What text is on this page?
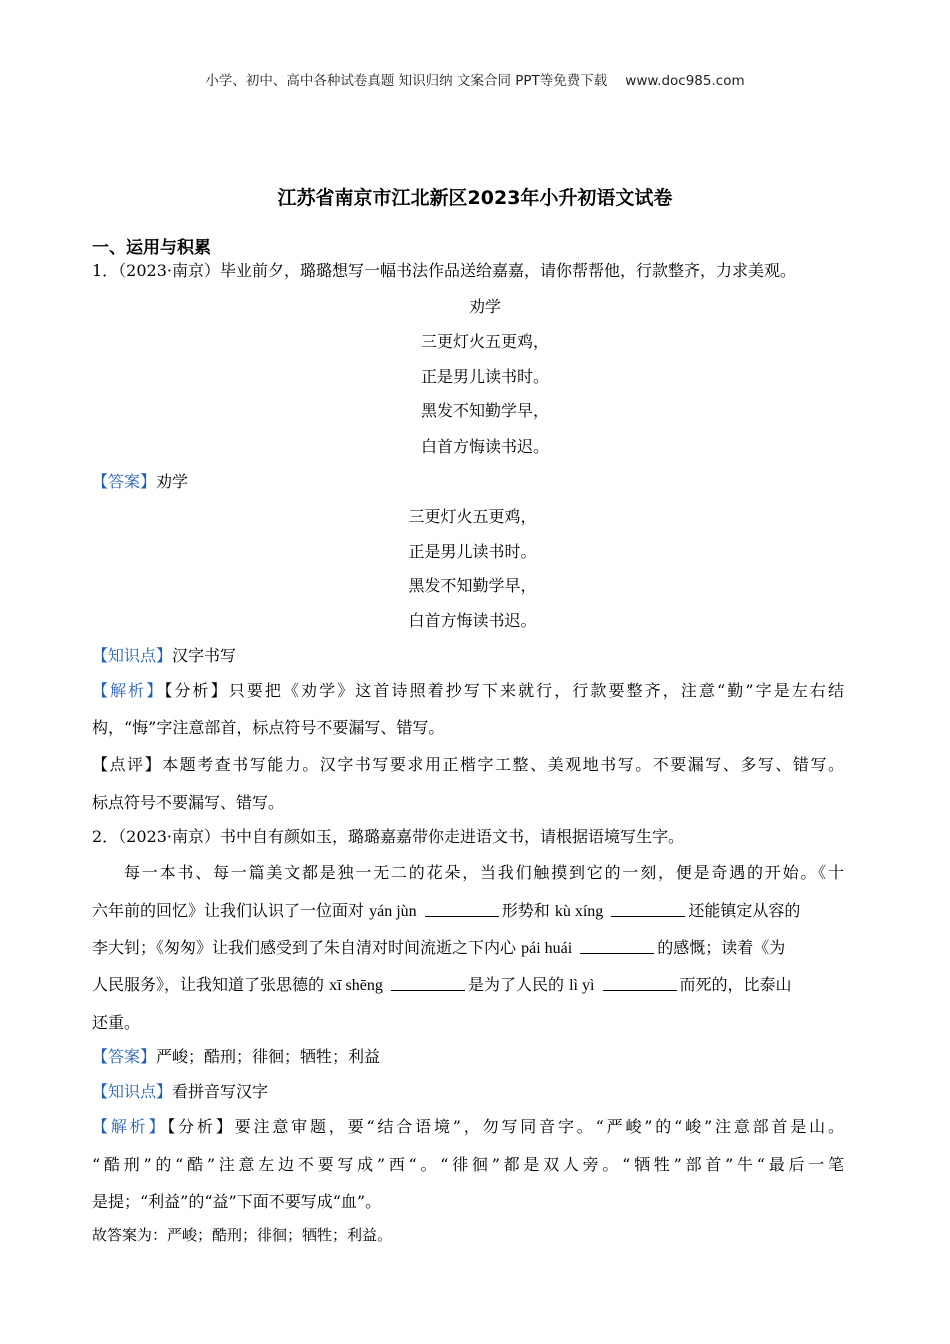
小学、初中、高中各种试卷真题 知识归纳 文案合同 PPT等免费下载 www.doc985.com
江苏省南京市江北新区2023年小升初语文试卷
一、运用与积累
1．（2023·南京）毕业前夕，璐璐想写一幅书法作品送给嘉嘉，请你帮帮他，行款整齐，力求美观。
劝学
三更灯火五更鸡，
正是男儿读书时。
黑发不知勤学早，
白首方悔读书迟。
【答案】劝学
三更灯火五更鸡，
正是男儿读书时。
黑发不知勤学早，
白首方悔读书迟。
【知识点】汉字书写
【解析】【分析】只要把《劝学》这首诗照着抄写下来就行，行款要整齐，注意“勤”字是左右结
构，“悔”字注意部首，标点符号不要漏写、错写。
【点评】本题考查书写能力。汉字书写要求用正楷字工整、美观地书写。不要漏写、多写、错写。
标点符号不要漏写、错写。
2．（2023·南京）书中自有颜如玉，璐璐嘉嘉带你走进语文书，请根据语境写生字。
每一本书、每一篇美文都是独一无二的花朵，当我们触摸到它的一刻，便是奇遇的开始。《十
六年前的回忆》让我们认识了一位面对 yán jùn	形势和 kù xíng	还能镇定从容的
李大钊；《匆匆》让我们感受到了朱自清对时间流逝之下内心 pái huái	的感慨；读着《为
人民服务》，让我知道了张思德的 xī shēng	是为了人民的 lì yì	而死的，比泰山
还重。
【答案】严峻；酷刑；徘徊；牺牲；利益
【知识点】看拼音写汉字
【解析】【分析】要注意审题，要“结合语境”，勿写同音字。“严峻”的“峻”注意部首是山。
“酷刑”的“酷”注意左边不要写成”西“。“徘徊”都是双人旁。“牺牲”部首”牛“最后一笔
是提；“利益”的“益”下面不要写成“血”。
故答案为：严峻；酷刑；徘徊；牺牲；利益。
